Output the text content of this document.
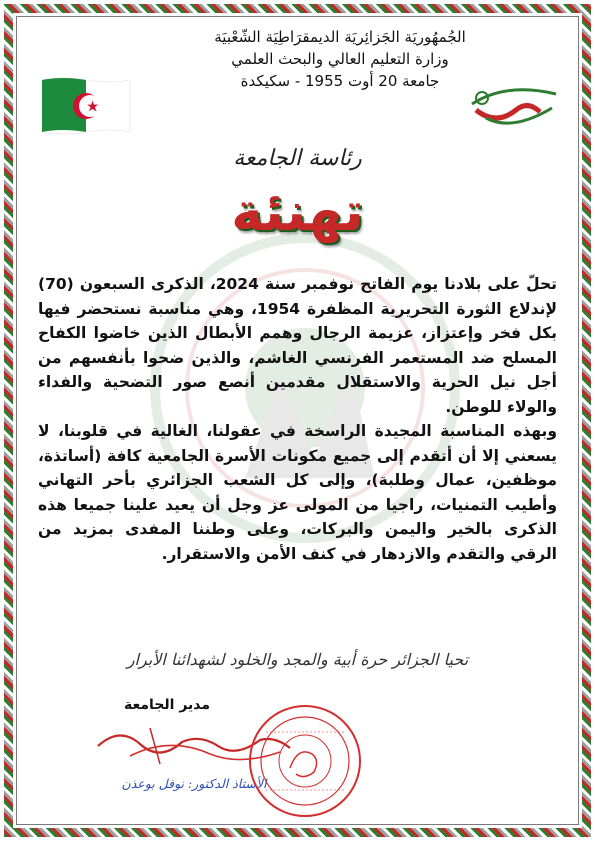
الجُمهُوريَة الجَزائِريَة الديمقرَاطِيَة الشّعْبيَة
وزارة التعليم العالي والبحث العلمي
جامعة 20 أوت 1955 - سكيكدة
رئاسة الجامعة
تهنئة

تحلّ على بلادنا يوم الفاتح نوفمبر سنة 2024، الذكرى السبعون (70) لإندلاع الثورة التحريرية المظفرة 1954، وهي مناسبة نستحضر فيها بكل فخر وإعتزاز، عزيمة الرجال وهمم الأبطال الذين خاضوا الكفاح المسلح ضد المستعمر الفرنسي الغاشم، والذين ضحوا بأنفسهم من أجل نيل الحرية والاستقلال مقدمين أنصع صور التضحية والفداء والولاء للوطن.

وبهذه المناسبة المجيدة الراسخة في عقولنا، الغالية في قلوبنا، لا يسعني إلا أن أتقدم إلى جميع مكونات الأسرة الجامعية كافة (أساتذة، موظفين، عمال وطلبة)، وإلى كل الشعب الجزائري بأحر التهاني وأطيب التمنيات، راجيا من المولى عز وجل أن يعيد علينا جميعا هذه الذكرى بالخير واليمن والبركات، وعلى وطننا المفدى بمزيد من الرقي والتقدم والازدهار في كنف الأمن والاستقرار.

تحيا الجزائر حرة أبية والمجد والخلود لشهدائنا الأبرار
مدير الجامعة
الأستاذ الدكتور: نوفل بوعذن
